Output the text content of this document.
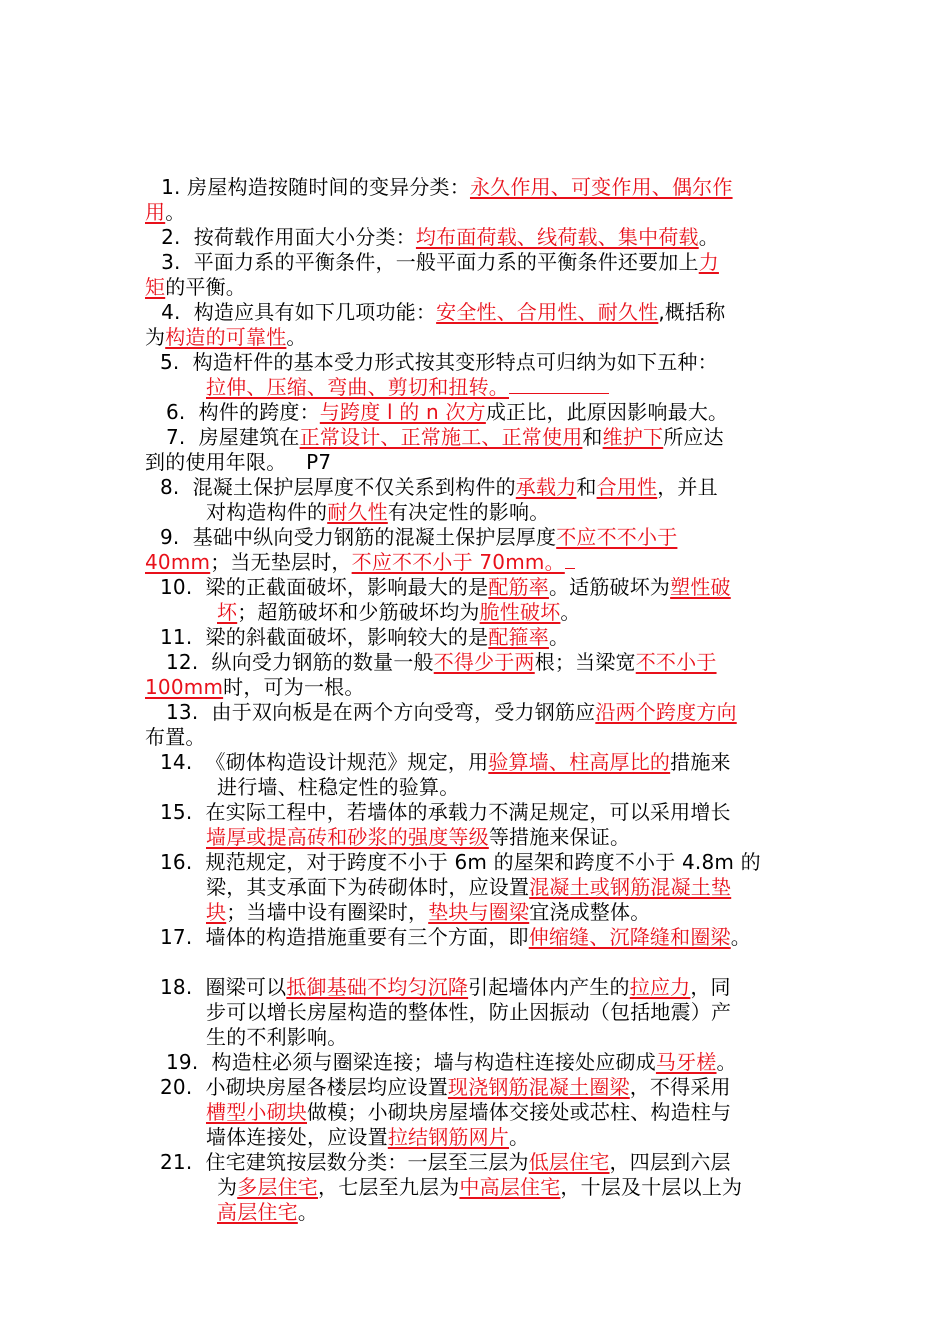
1. 房屋构造按随时间的变异分类：永久作用、可变作用、偶尔作
用。
2.  按荷载作用面大小分类：均布面荷载、线荷载、集中荷载。
3.  平面力系的平衡条件，一般平面力系的平衡条件还要加上力
矩的平衡。
4.  构造应具有如下几项功能：安全性、合用性、耐久性,概括称
为构造的可靠性。
5.  构造杆件的基本受力形式按其变形特点可归纳为如下五种：
拉伸、压缩、弯曲、剪切和扭转。
6.  构件的跨度：与跨度 l 的 n 次方成正比，此原因影响最大。
7.  房屋建筑在正常设计、正常施工、正常使用和维护下所应达
到的使用年限。   P7
8.  混凝土保护层厚度不仅关系到构件的承载力和合用性，并且
对构造构件的耐久性有决定性的影响。
9.  基础中纵向受力钢筋的混凝土保护层厚度不应不不小于
40mm；当无垫层时，不应不不小于 70mm。
10.  梁的正截面破坏，影响最大的是配筋率。适筋破坏为塑性破
坏；超筋破坏和少筋破坏均为脆性破坏。
11.  梁的斜截面破坏，影响较大的是配箍率。
12.  纵向受力钢筋的数量一般不得少于两根；当梁宽不不小于
100mm时，可为一根。
13.  由于双向板是在两个方向受弯，受力钢筋应沿两个跨度方向
布置。
14.  《砌体构造设计规范》规定，用验算墙、柱高厚比的措施来
进行墙、柱稳定性的验算。
15.  在实际工程中，若墙体的承载力不满足规定，可以采用增长
墙厚或提高砖和砂浆的强度等级等措施来保证。
16.  规范规定，对于跨度不小于 6m 的屋架和跨度不小于 4.8m 的
梁，其支承面下为砖砌体时，应设置混凝土或钢筋混凝土垫
块；当墙中设有圈梁时，垫块与圈梁宜浇成整体。
17.  墙体的构造措施重要有三个方面，即伸缩缝、沉降缝和圈梁。
18.  圈梁可以抵御基础不均匀沉降引起墙体内产生的拉应力，同
步可以增长房屋构造的整体性，防止因振动（包括地震）产
生的不利影响。
19.  构造柱必须与圈梁连接；墙与构造柱连接处应砌成马牙槎。
20.  小砌块房屋各楼层均应设置现浇钢筋混凝土圈梁，不得采用
槽型小砌块做模；小砌块房屋墙体交接处或芯柱、构造柱与
墙体连接处，应设置拉结钢筋网片。
21.  住宅建筑按层数分类：一层至三层为低层住宅，四层到六层
为多层住宅，七层至九层为中高层住宅，十层及十层以上为
高层住宅。
